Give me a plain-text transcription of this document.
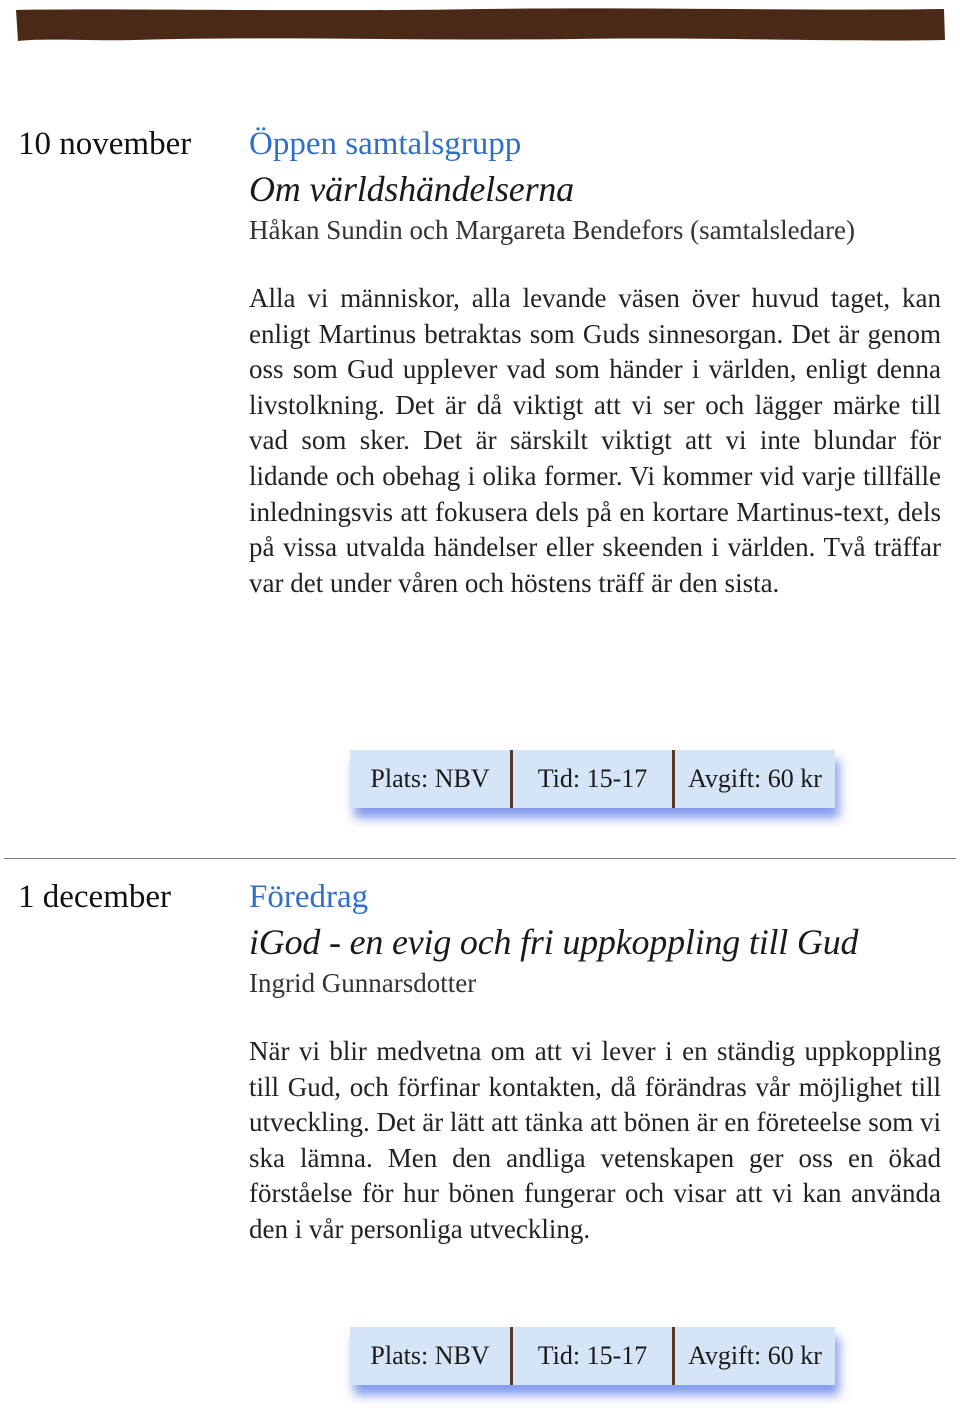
10 november Öppen samtalsgrupp
Om världshändelserna
Håkan Sundin och Margareta Bendefors (samtalsledare)
Alla vi människor, alla levande väsen över huvud taget, kan enligt Martinus betraktas som Guds sinnesorgan. Det är genom oss som Gud upplever vad som händer i världen, enligt denna livstolkning. Det är då viktigt att vi ser och lägger märke till vad som sker. Det är särskilt viktigt att vi inte blundar för lidande och obehag i olika former. Vi kommer vid varje tillfälle inledningsvis att fokusera dels på en kortare Martinus-text, dels på vissa utvalda händelser eller skeenden i världen. Två träffar var det under våren och höstens träff är den sista.
Plats: NBV	Tid: 15-17	Avgift: 60 kr
1 december Föredrag
iGod - en evig och fri uppkoppling till Gud
Ingrid Gunnarsdotter
När vi blir medvetna om att vi lever i en ständig uppkoppling till Gud, och förfinar kontakten, då förändras vår möjlighet till utveckling. Det är lätt att tänka att bönen är en företeelse som vi ska lämna. Men den andliga vetenskapen ger oss en ökad förståelse för hur bönen fungerar och visar att vi kan använda den i vår personliga utveckling.
Plats: NBV	Tid: 15-17	Avgift: 60 kr
